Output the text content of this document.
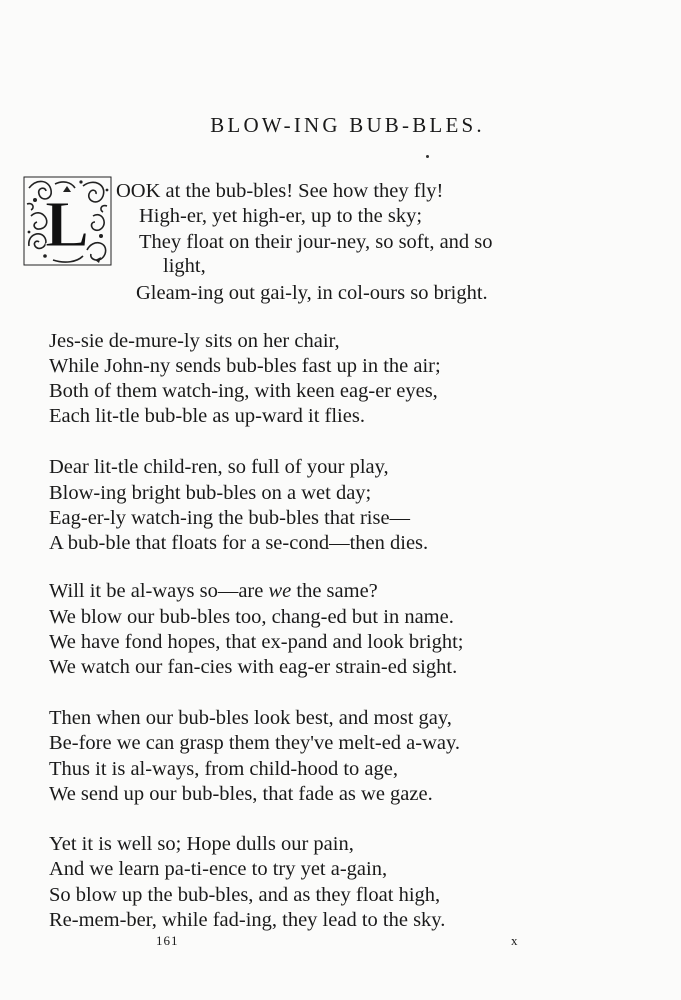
BLOW-ING BUB-BLES.
L OOK at the bub-bles! See how they fly!
High-er, yet high-er, up to the sky;
They float on their jour-ney, so soft, and so
light,
Gleam-ing out gai-ly, in col-ours so bright.
Jes-sie de-mure-ly sits on her chair,
While John-ny sends bub-bles fast up in the air;
Both of them watch-ing, with keen eag-er eyes,
Each lit-tle bub-ble as up-ward it flies.
Dear lit-tle child-ren, so full of your play,
Blow-ing bright bub-bles on a wet day;
Eag-er-ly watch-ing the bub-bles that rise—
A bub-ble that floats for a se-cond—then dies.
Will it be al-ways so—are we the same?
We blow our bub-bles too, chang-ed but in name.
We have fond hopes, that ex-pand and look bright;
We watch our fan-cies with eag-er strain-ed sight.
Then when our bub-bles look best, and most gay,
Be-fore we can grasp them they've melt-ed a-way.
Thus it is al-ways, from child-hood to age,
We send up our bub-bles, that fade as we gaze.
Yet it is well so; Hope dulls our pain,
And we learn pa-ti-ence to try yet a-gain,
So blow up the bub-bles, and as they float high,
Re-mem-ber, while fad-ing, they lead to the sky.
161	x
